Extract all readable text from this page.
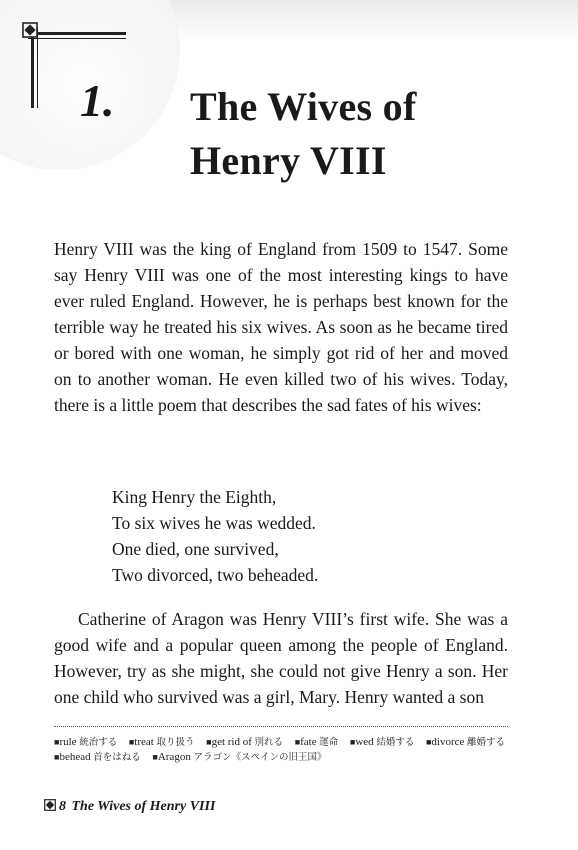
1. The Wives of
Henry VIII
Henry VIII was the king of England from 1509 to 1547. Some say Henry VIII was one of the most interesting kings to have ever ruled England. However, he is perhaps best known for the terrible way he treated his six wives. As soon as he became tired or bored with one woman, he simply got rid of her and moved on to another woman. He even killed two of his wives. Today, there is a little poem that describes the sad fates of his wives:
King Henry the Eighth,
To six wives he was wedded.
One died, one survived,
Two divorced, two beheaded.
Catherine of Aragon was Henry VIII’s first wife. She was a good wife and a popular queen among the people of England. However, try as she might, she could not give Henry a son. Her one child who survived was a girl, Mary. Henry wanted a son
■rule 統治する ■treat 取り扱う ■get rid of 別れる ■fate 運命 ■wed 結婚する ■divorce 離婚する
■behead 首をはねる ■Aragon アラゴン《スペインの旧王国》
8 The Wives of Henry VIII
